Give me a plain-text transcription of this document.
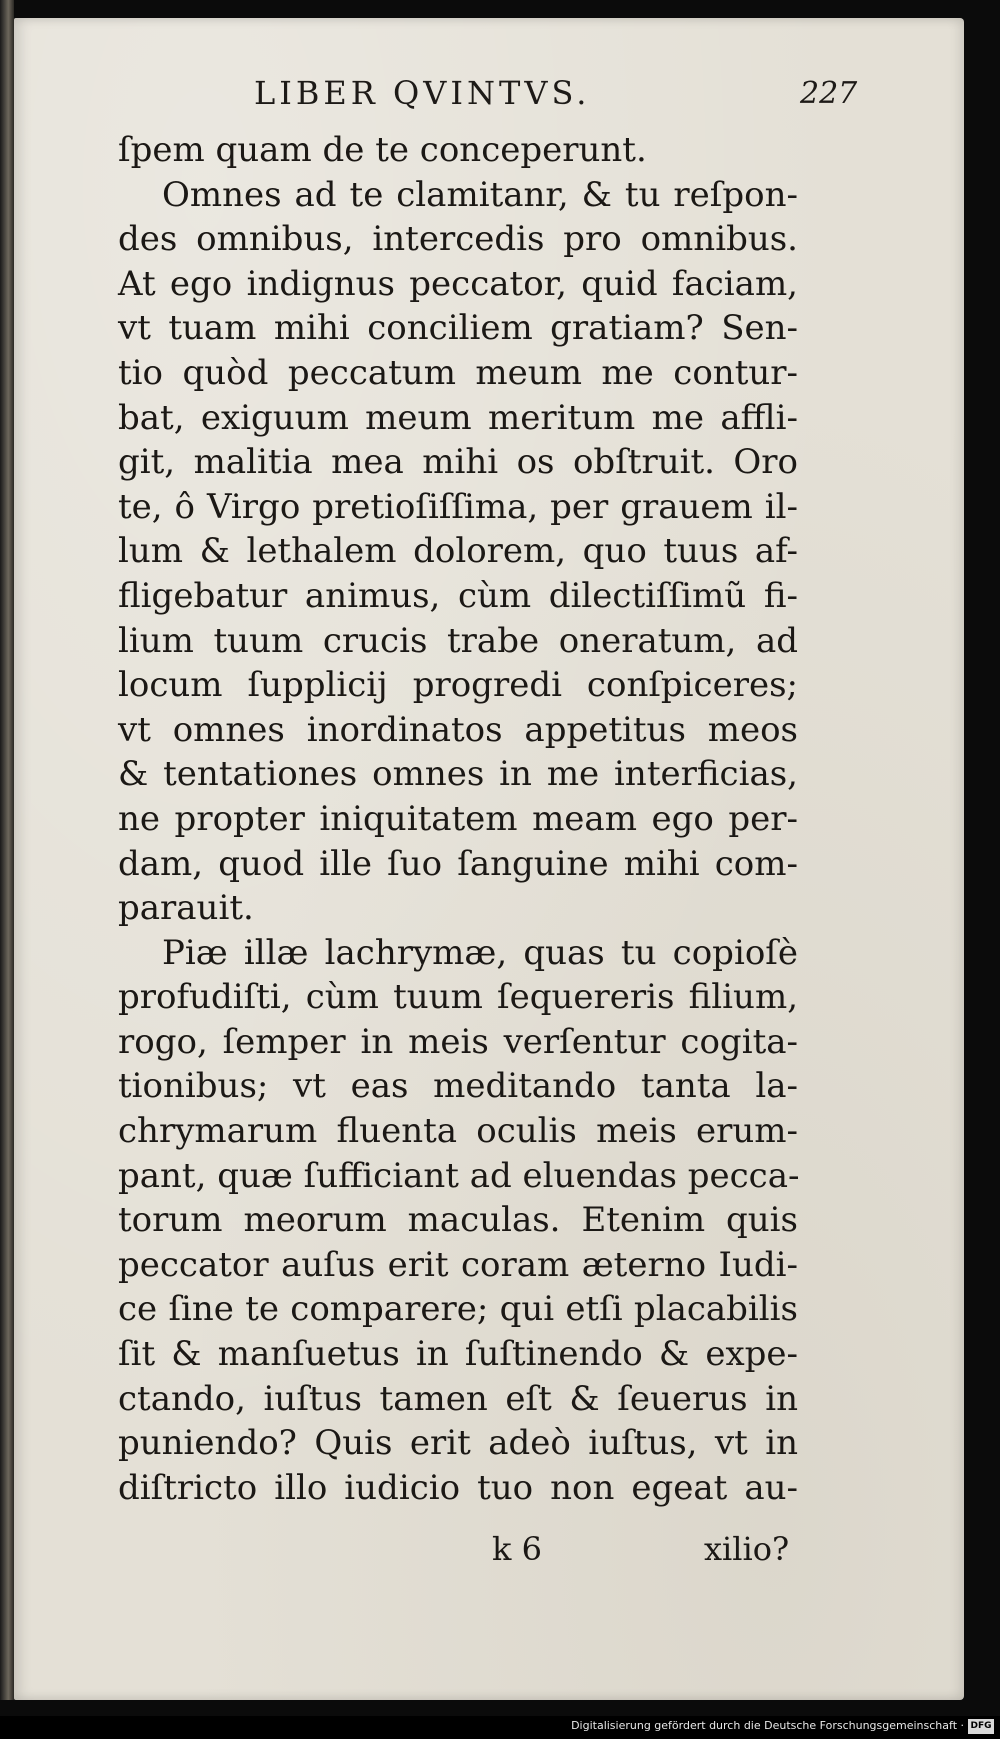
LIBER QVINTVS.	227
ſpem quam de te conceperunt.
Omnes ad te clamitanr, & tu reſpon-
des omnibus, intercedis pro omnibus.
At ego indignus peccator, quid faciam,
vt tuam mihi conciliem gratiam? Sen-
tio quòd peccatum meum me contur-
bat, exiguum meum meritum me affli-
git, malitia mea mihi os obſtruit. Oro
te, ô Virgo pretioſiſſima, per grauem il-
lum & lethalem dolorem, quo tuus af-
fligebatur animus, cùm dilectiſſimũ fi-
lium tuum crucis trabe oneratum, ad
locum ſupplicij progredi conſpiceres;
vt omnes inordinatos appetitus meos
& tentationes omnes in me interficias,
ne propter iniquitatem meam ego per-
dam, quod ille ſuo ſanguine mihi com-
parauit.
Piæ illæ lachrymæ, quas tu copioſè
profudiſti, cùm tuum ſequereris filium,
rogo, ſemper in meis verſentur cogita-
tionibus; vt eas meditando tanta la-
chrymarum fluenta oculis meis erum-
pant, quæ ſufficiant ad eluendas pecca-
torum meorum maculas. Etenim quis
peccator auſus erit coram æterno Iudi-
ce ſine te comparere; qui etſi placabilis
ſit & manſuetus in ſuſtinendo & expe-
ctando, iuſtus tamen eſt & ſeuerus in
puniendo? Quis erit adeò iuſtus, vt in
diſtricto illo iudicio tuo non egeat au-
k 6	xilio?
Digitalisierung gefördert durch die Deutsche Forschungsgemeinschaft · DFG
